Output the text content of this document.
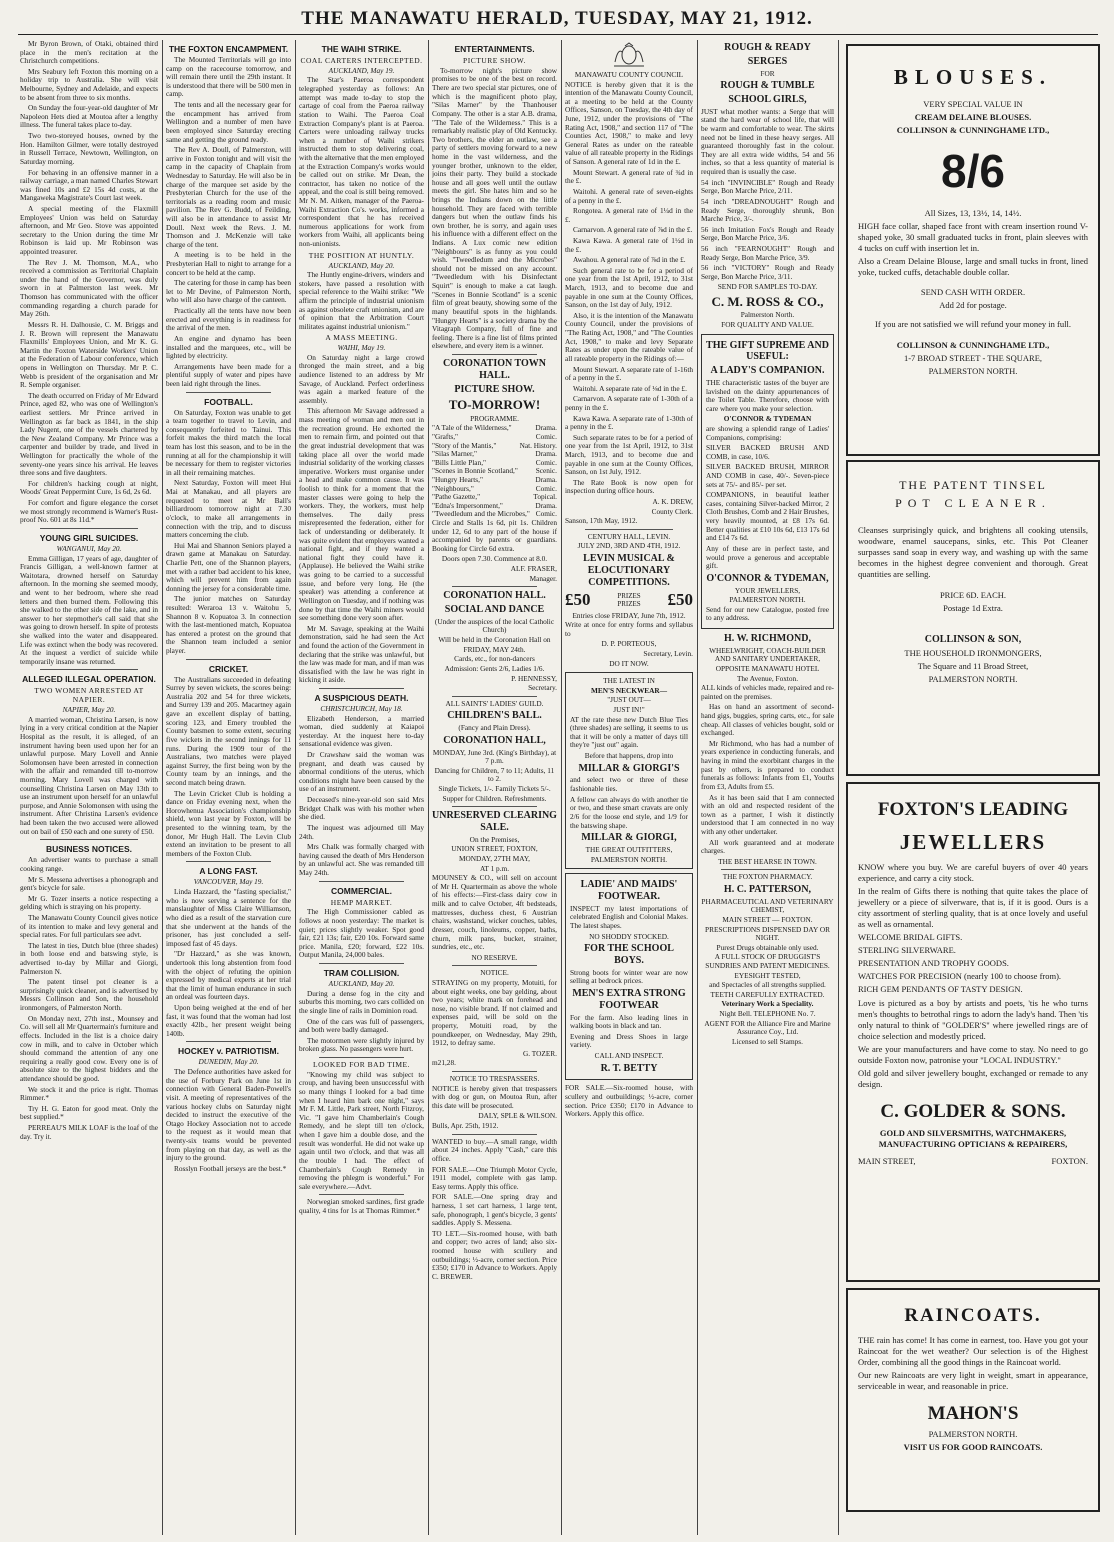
THE MANAWATU HERALD, TUESDAY, MAY 21, 1912.

Mr Byron Brown, of Otaki, obtained third place in the men's recitation at the Christchurch competitions.

Mrs Seabury left Foxton this morning on a holiday trip to Australia. She will visit Melbourne, Sydney and Adelaide, and expects to be absent from three to six months.

On Sunday the four-year-old daughter of Mr Napoleon Hets died at Moutoa after a lengthy illness. The funeral takes place to-day.

Two two-storeyed houses, owned by the Hon. Hamilton Gilmer, were totally destroyed in Russell Terrace, Newtown, Wellington, on Saturday morning.

For behaving in an offensive manner in a railway carriage, a man named Charles Stewart was fined 10s and £2 15s 4d costs, at the Mangaweka Magistrate's Court last week.

A special meeting of the Flaxmill Employees' Union was held on Saturday afternoon, and Mr Geo. Stove was appointed secretary to the Union during the time Mr Robinson is laid up. Mr Robinson was appointed treasurer.

The Rev J. M. Thomson, M.A., who received a commission as Territorial Chaplain under the hand of the Governor, was duly sworn in at Palmerston last week. Mr Thomson has communicated with the officer commanding regarding a church parade for May 26th.

Messrs R. H. Dalhousie, C. M. Briggs and J. R. Brown will represent the Manawatu Flaxmills' Employees Union, and Mr K. G. Martin the Foxton Waterside Workers' Union at the Federation of Labour conference, which opens in Wellington on Thursday. Mr P. C. Webb is president of the organisation and Mr R. Semple organiser.

The death occurred on Friday of Mr Edward Prince, aged 82, who was one of Wellington's earliest settlers. Mr Prince arrived in Wellington as far back as 1841, in the ship Lady Nugent, one of the vessels chartered by the New Zealand Company. Mr Prince was a carpenter and builder by trade, and lived in Wellington for practically the whole of the seventy-one years since his arrival. He leaves three sons and five daughters.

For children's hacking cough at night, Woods' Great Peppermint Cure, 1s 6d, 2s 6d.

For comfort and figure elegance the corset we most strongly recommend is Warner's Rust-proof No. 601 at 8s 11d.*

YOUNG GIRL SUICIDES.

WANGANUI, May 20.

Emma Gilligan, 17 years of age, daughter of Francis Gilligan, a well-known farmer at Waitotara, drowned herself on Saturday afternoon. In the morning she seemed moody, and went to her bedroom, where she read letters and then burned them. Following this she walked to the other side of the lake, and in answer to her stepmother's call said that she was going to drown herself. In spite of protests she walked into the water and disappeared. Life was extinct when the body was recovered. At the inquest a verdict of suicide while temporarily insane was returned.

ALLEGED ILLEGAL OPERATION.
TWO WOMEN ARRESTED AT NAPIER.

NAPIER, May 20.

A married woman, Christina Larsen, is now lying in a very critical condition at the Napier Hospital as the result, it is alleged, of an instrument having been used upon her for an unlawful purpose. Mary Lovell and Annie Solomonsen have been arrested in connection with the affair and remanded till to-morrow morning. Mary Lovell was charged with counselling Christina Larsen on May 13th to use an instrument upon herself for an unlawful purpose, and Annie Solomonsen with using the instrument. After Christina Larsen's evidence had been taken the two accused were allowed out on bail of £50 each and one surety of £50.

BUSINESS NOTICES.

An advertiser wants to purchase a small cooking range.

Mr S. Messena advertises a phonograph and gent's bicycle for sale.

Mr G. Tozer inserts a notice respecting a gelding which is straying on his property.

The Manawatu County Council gives notice of its intention to make and levy general and special rates. For full particulars see advt.

The latest in ties, Dutch blue (three shades) in both loose end and batswing style, is advertised to-day by Millar and Giorgi, Palmerston N.

The patent tinsel pot cleaner is a surprisingly quick cleaner, and is advertised by Messrs Collinson and Son, the household ironmongers, of Palmerston North.

On Monday next, 27th inst., Mounsey and Co. will sell all Mr Quartermain's furniture and effects. Included in the list is a choice dairy cow in milk, and to calve in October which should command the attention of any one requiring a really good cow. Every one is of absolute size to the highest bidders and the attendance should be good.

We stock it and the price is right. Thomas Rimmer.*

Try H. G. Eaton for good meat. Only the best supplied.*

PERREAU'S MILK LOAF is the loaf of the day. Try it.

THE FOXTON ENCAMPMENT.

The Mounted Territorials will go into camp on the racecourse tomorrow, and will remain there until the 29th instant. It is understood that there will be 500 men in camp.

The tents and all the necessary gear for the encampment has arrived from Wellington and a number of men have been employed since Saturday erecting same and getting the ground ready.

The Rev A. Doull, of Palmerston, will arrive in Foxton tonight and will visit the camp in the capacity of Chaplain from Wednesday to Saturday. He will also be in charge of the marquee set aside by the Presbyterian Church for the use of the territorials as a reading room and music pavilion. The Rev G. Budd, of Feilding, will also be in attendance to assist Mr Doull. Next week the Revs. J. M. Thomson and J. McKenzie will take charge of the tent.

A meeting is to be held in the Presbyterian Hall to night to arrange for a concert to be held at the camp.

The catering for those in camp has been let to Mr Devine, of Palmerston North, who will also have charge of the canteen.

Practically all the tents have now been erected and everything is in readiness for the arrival of the men.

An engine and dynamo has been installed and the marquees, etc., will be lighted by electricity.

Arrangements have been made for a plentiful supply of water and pipes have been laid right through the lines.

FOOTBALL.

On Saturday, Foxton was unable to get a team together to travel to Levin, and consequently forfeited to Tainui. This forfeit makes the third match the local team has lost this season, and to be in the running at all for the championship it will be necessary for them to register victories in all their remaining matches.

Next Saturday, Foxton will meet Hui Mai at Manakau, and all players are requested to meet at Mr Ball's billiardroom tomorrow night at 7.30 o'clock, to make all arrangements in connection with the trip, and to discuss matters concerning the club.

Hui Mai and Shannon Seniors played a drawn game at Manakau on Saturday. Charlie Pett, one of the Shannon players, met with a rather bad accident to his knee, which will prevent him from again donning the jersey for a considerable time.

The junior matches on Saturday resulted: Weraroa 13 v. Waitohu 5, Shannon 8 v. Kopuatoa 3. In connection with the last-mentioned match, Kopuatoa has entered a protest on the ground that the Shannon team included a senior player.

CRICKET.

The Australians succeeded in defeating Surrey by seven wickets, the scores being: Australia 202 and 54 for three wickets, and Surrey 139 and 205. Macartney again gave an excellent display of batting, scoring 123, and Emery troubled the County batsmen to some extent, securing five wickets in the second innings for 11 runs. During the 1909 tour of the Australians, two matches were played against Surrey, the first being won by the County team by an innings, and the second match being drawn.

The Levin Cricket Club is holding a dance on Friday evening next, when the Horowhenua Association's championship shield, won last year by Foxton, will be presented to the winning team, by the donor, Mr Hugh Hall. The Levin Club extend an invitation to be present to all members of the Foxton Club.

A LONG FAST.

VANCOUVER, May 19.

Linda Hazzard, the "fasting specialist," who is now serving a sentence for the manslaughter of Miss Claire Williamson, who died as a result of the starvation cure that she underwent at the hands of the prisoner, has just concluded a self-imposed fast of 45 days.

"Dr Hazzard," as she was known, undertook this long abstention from food with the object of refuting the opinion expressed by medical experts at her trial that the limit of human endurance in such an ordeal was fourteen days.

Upon being weighed at the end of her fast, it was found that the woman had lost exactly 42lb., her present weight being 140lb.

HOCKEY v. PATRIOTISM.

DUNEDIN, May 20.

The Defence authorities have asked for the use of Forbury Park on June 1st in connection with General Baden-Powell's visit. A meeting of representatives of the various hockey clubs on Saturday night decided to instruct the executive of the Otago Hockey Association not to accede to the request as it would mean that twenty-six teams would be prevented from playing on that day, as well as the injury to the ground.

Rosslyn Football jerseys are the best.*

THE WAIHI STRIKE.
COAL CARTERS INTERCEPTED.

AUCKLAND, May 19.

The Star's Paeroa correspondent telegraphed yesterday as follows: An attempt was made to-day to stop the cartage of coal from the Paeroa railway station to Waihi. The Paeroa Coal Extraction Company's plant is at Paeroa. Carters were unloading railway trucks when a number of Waihi strikers instructed them to stop delivering coal, with the alternative that the men employed at the Extraction Company's works would be called out on strike. Mr Dean, the contractor, has taken no notice of the appeal, and the coal is still being removed. Mr N. M. Aitken, manager of the Paeroa-Waihi Extraction Co's. works, informed a correspondent that he has received numerous applications for work from workers from Waihi, all applicants being non-unionists.

THE POSITION AT HUNTLY.

AUCKLAND, May 20.

The Huntly engine-drivers, winders and stokers, have passed a resolution with special reference to the Waihi strike: "We affirm the principle of industrial unionism as against obsolete craft unionism, and are of opinion that the Arbitration Court militates against industrial unionism."

A MASS MEETING.

WAIHI, May 19.

On Saturday night a large crowd thronged the main street, and a big audience listened to an address by Mr Savage, of Auckland. Perfect orderliness was again a marked feature of the assembly.

This afternoon Mr Savage addressed a mass meeting of woman and men out in the recreation ground. He exhorted the men to remain firm, and pointed out that the great industrial development that was taking place all over the world made industrial solidarity of the working classes imperative. Workers must organise under a head and make common cause. It was foolish to think for a moment that the master classes were going to help the workers. They, the workers, must help themselves. The daily press misrepresented the federation, either for lack of understanding or deliberately. It was quite evident that employers wanted a national fight, and if they wanted a national fight they could have it. (Applause). He believed the Waihi strike was going to be carried to a successful issue, and before very long. He (the speaker) was attending a conference at Wellington on Tuesday, and if nothing was done by that time the Waihi miners would see something done very soon after.

Mr M. Savage, speaking at the Waihi demonstration, said he had seen the Act and found the action of the Government in declaring that the strike was unlawful, but the law was made for man, and if man was dissatisfied with the law he was right in kicking it aside.

A SUSPICIOUS DEATH.

CHRISTCHURCH, May 18.

Elizabeth Henderson, a married woman, died suddenly at Kaiapoi yesterday. At the inquest here to-day sensational evidence was given.

Dr Crawshaw said the woman was pregnant, and death was caused by abnormal conditions of the uterus, which conditions might have been caused by the use of an instrument.

Deceased's nine-year-old son said Mrs Bridget Chalk was with his mother when she died.

The inquest was adjourned till May 24th.

Mrs Chalk was formally charged with having caused the death of Mrs Henderson by an unlawful act. She was remanded till May 24th.

COMMERCIAL.
HEMP MARKET.

The High Commissioner cabled as follows at noon yesterday: The market is quiet; prices slightly weaker. Spot good fair, £21 13s; fair, £20 10s. Forward same price. Manila, £20; forward, £22 10s. Output Manila, 24,000 bales.

TRAM COLLISION.

AUCKLAND, May 20.

During a dense fog in the city and suburbs this morning, two cars collided on the single line of rails in Dominion road.

One of the cars was full of passengers, and both were badly damaged.

The motormen were slightly injured by broken glass. No passengers were hurt.

LOOKED FOR BAD TIME.

"Knowing my child was subject to croup, and having been unsuccessful with so many things I looked for a bad time when I heard him bark one night," says Mr F. M. Little, Park street, North Fitzroy, Vic. "I gave him Chamberlain's Cough Remedy, and he slept till ten o'clock, when I gave him a double dose, and the result was wonderful. He did not wake up again until two o'clock, and that was all the trouble I had. The effect of Chamberlain's Cough Remedy in removing the phlegm is wonderful." For sale everywhere.—Advt.

Norwegian smoked sardines, first grade quality, 4 tins for 1s at Thomas Rimmer.*

ENTERTAINMENTS.
PICTURE SHOW.

To-morrow night's picture show promises to be one of the best on record. There are two special star pictures, one of which is the magnificent photo play, "Silas Marner" by the Thanhouser Company. The other is a star A.B. drama, "The Tale of the Wilderness." This is a remarkably realistic play of Old Kentucky. Two brothers, the elder an outlaw, see a party of settlers moving forward to a new home in the vast wilderness, and the younger brother, unknown to the elder, joins their party. They build a stockade house and all goes well until the outlaw meets the girl. She hates him and so he brings the Indians down on the little household. They are faced with terrible dangers but when the outlaw finds his own brother, he is sorry, and again uses his influence with a different effect on the Indians. A Lux comic new edition "Neighbours" is as funny as you could wish. "Tweedledum and the Microbes" should not be missed on any account. "Tweedledum with his Disinfectant Squirt" is enough to make a cat laugh. "Scenes in Bonnie Scotland" is a scenic film of great beauty, showing some of the many beautiful spots in the highlands. "Hungry Hearts" is a society drama by the Vitagraph Company, full of fine and feeling. There is a fine list of films printed elsewhere, and every item is a winner.

CORONATION TOWN HALL.

PICTURE SHOW.

TO-MORROW!

PROGRAMME.

"A Tale of the Wilderness,"	Drama.
"Grafts,"	Comic.
"Story of the Mantis,"	Nat. History.
"Silas Marner,"	Drama.
"Bills Little Plan,"	Comic.
"Scenes in Bonnie Scotland," Scenic.
"Hungry Hearts,"	Drama.
"Neighbours,"	Comic.
"Pathe Gazette,"	Topical.
"Edna's Impersonment,"	Drama.
"Tweedledum and the Microbes," Comic.

Circle and Stalls 1s 6d, pit 1s. Children under 12, 6d to any part of the house if accompanied by parents or guardians. Booking for Circle 6d extra.

Doors open 7.30. Commence at 8.0.

ALF. FRASER,

Manager.

CORONATION HALL.

SOCIAL AND DANCE

(Under the auspices of the local Catholic Church)

Will be held in the Coronation Hall on

FRIDAY, MAY 24th.

Cards, etc., for non-dancers

Admission: Gents 2/6, Ladies 1/6.

P. HENNESSY,

Secretary.

ALL SAINTS' LADIES' GUILD.

CHILDREN'S BALL.

(Fancy and Plain Dress).

CORONATION HALL,

MONDAY, June 3rd. (King's Birthday), at 7 p.m.

Dancing for Children, 7 to 11; Adults, 11 to 2.

Single Tickets, 1/-. Family Tickets 5/-.

Supper for Children. Refreshments.

UNRESERVED CLEARING SALE.

On the Premises,

UNION STREET, FOXTON,

MONDAY, 27TH MAY,

AT 1 p.m.

MOUNSEY & CO., will sell on account of Mr H. Quartermain as above the whole of his effects:—First-class dairy cow in milk and to calve October, 4ft bedsteads, mattresses, duchess chest, 6 Austrian chairs, washstand, wicker couches, tables, dresser, couch, linoleums, copper, baths, churn, milk pans, bucket, strainer, sundries, etc., etc.

NO RESERVE.

NOTICE.

STRAYING on my property, Motuiti, for about eight weeks, one bay gelding, about two years; white mark on forehead and nose, no visible brand. If not claimed and expenses paid, will be sold on the property, Motuiti road, by the poundkeeper, on Wednesday, May 29th, 1912, to defray same.

G. TOZER.

m21,28.

NOTICE TO TRESPASSERS.

NOTICE is hereby given that trespassers with dog or gun, on Moutoa Run, after this date will be prosecuted.

DALY, SPLE & WILSON.

Bulls, Apr. 25th, 1912.

WANTED to buy.—A small range, width about 24 inches. Apply "Cash," care this office.

FOR SALE.—One Triumph Motor Cycle, 1911 model, complete with gas lamp. Easy terms. Apply this office.

FOR SALE.—One spring dray and harness, 1 set cart harness, 1 large tent, safe, phonograph, 1 gent's bicycle, 3 gents' saddles. Apply S. Messena.

TO LET.—Six-roomed house, with bath and copper; two acres of land; also six-roomed house with scullery and outbuildings; ½-acre, corner section. Price £350; £170 in Advance to Workers. Apply C. BREWER.

MANAWATU COUNTY COUNCIL

NOTICE is hereby given that it is the intention of the Manawatu County Council, at a meeting to be held at the County Offices, Sanson, on Tuesday, the 4th day of June, 1912, under the provisions of "The Rating Act, 1908," and section 117 of "The Counties Act, 1908," to make and levy General Rates as under on the rateable value of all rateable property in the Ridings of Sanson. A general rate of 1d in the £.

Mount Stewart. A general rate of ¾d in the £.

Waitohi. A general rate of seven-eights of a penny in the £.

Rongotea. A general rate of 1¼d in the £.

Carnarvon. A general rate of ⅞d in the £.

Kawa Kawa. A general rate of 1½d in the £.

Awahou. A general rate of ⅞d in the £.

Such general rate to be for a period of one year from the 1st April, 1912, to 31st March, 1913, and to become due and payable in one sum at the County Offices, Sanson, on the 1st day of July, 1912.

Also, it is the intention of the Manawatu County Council, under the provisions of "The Rating Act, 1908," and "The Counties Act, 1908," to make and levy Separate Rates as under upon the rateable value of all rateable property in the Ridings of:—

Mount Stewart. A separate rate of 1-16th of a penny in the £.

Waitohi. A separate rate of ⅛d in the £.

Carnarvon. A separate rate of 1-30th of a penny in the £.

Kawa Kawa. A separate rate of 1-30th of a penny in the £.

Such separate rates to be for a period of one year from the 1st April, 1912, to 31st March, 1913, and to become due and payable in one sum at the County Offices, Sanson, on 1st July, 1912.

The Rate Book is now open for inspection during office hours.

A. K. DREW,

County Clerk.

Sanson, 17th May, 1912.

CENTURY HALL, LEVIN.

JULY 2ND, 3RD AND 4TH, 1912.

LEVIN MUSICAL & ELOCUTIONARY COMPETITIONS.

£50	PRIZES PRIZES £50

Entries close FRIDAY, June 7th, 1912.

Write at once for entry forms and syllabus to

D. P. PORTEOUS,

Secretary, Levin.

DO IT NOW.

THE LATEST IN

MEN'S NECKWEAR—

"JUST OUT—

JUST IN!"

AT the rate these new Dutch Blue Ties (three shades) are selling, it seems to us that it will be only a matter of days till they're "just out" again.

Before that happens, drop into

MILLAR & GIORGI'S

and select two or three of these fashionable ties.

A fellow can always do with another tie or two, and these smart cravats are only 2/6 for the loose end style, and 1/9 for the batswing shape.

MILLAR & GIORGI,

THE GREAT OUTFITTERS,

PALMERSTON NORTH.

LADIE' AND MAIDS' FOOTWEAR.

INSPECT my latest importations of celebrated English and Colonial Makes. The latest shapes.

NO SHODDY STOCKED.

FOR THE SCHOOL BOYS.

Strong boots for winter wear are now selling at bedrock prices.

MEN'S EXTRA STRONG FOOTWEAR

For the farm. Also leading lines in walking boots in black and tan.

Evening and Dress Shoes in large variety.

CALL AND INSPECT.

R. T. BETTY

FOR SALE.—Six-roomed house, with scullery and outbuildings; ½-acre, corner section. Price £350; £170 in Advance to Workers. Apply this office.

ROUGH & READY

SERGES

FOR

ROUGH & TUMBLE

SCHOOL GIRLS,

JUST what mother wants: a Serge that will stand the hard wear of school life, that will be warm and comfortable to wear. The skirts need not be lined in these heavy serges. All guaranteed thoroughly fast in the colour. They are all extra wide widths, 54 and 56 inches, so that a less quantity of material is required than is usually the case.

54 inch "INVINCIBLE" Rough and Ready Serge, Bon Marche Price, 2/11.

54 inch "DREADNOUGHT" Rough and Ready Serge, thoroughly shrunk, Bon Marche Price, 3/-.

56 inch Imitation Fox's Rough and Ready Serge, Bon Marche Price, 3/6.

56 inch "FEARNOUGHT" Rough and Ready Serge, Bon Marche Price, 3/9.

56 inch "VICTORY" Rough and Ready Serge, Bon Marche Price, 3/11.

SEND FOR SAMPLES TO-DAY.

C. M. ROSS & CO.,

Palmerston North.

FOR QUALITY AND VALUE.

THE GIFT SUPREME AND USEFUL:

A LADY'S COMPANION.

THE characteristic tastes of the buyer are lavished on the dainty appurtenances of the Toilet Table. Therefore, choose with care where you make your selection.

O'CONNOR & TYDEMAN

are showing a splendid range of Ladies' Companions, comprising:

SILVER BACKED BRUSH AND COMB, in case, 10/6.

SILVER BACKED BRUSH, MIRROR AND COMB in case, 40/-. Seven-piece sets at 75/- and 85/- per set.

COMPANIONS, in beautiful leather cases, containing Silver-backed Mirror, 2 Cloth Brushes, Comb and 2 Hair Brushes, very heavily mounted, at £8 17s 6d. Better qualities at £10 10s 6d, £13 17s 6d and £14 7s 6d.

Any of these are in perfect taste, and would prove a generous and acceptable gift.

O'CONNOR & TYDEMAN,

YOUR JEWELLERS,

PALMERSTON NORTH.

Send for our new Catalogue, posted free to any address.

H. W. RICHMOND,

WHEELWRIGHT, COACH-BUILDER AND SANITARY UNDERTAKER,

OPPOSITE MANAWATU HOTEL

The Avenue, Foxton.

ALL kinds of vehicles made, repaired and re-painted on the premises.

Has on hand an assortment of second-hand gigs, buggies, spring carts, etc., for sale cheap. All classes of vehicles bought, sold or exchanged.

Mr Richmond, who has had a number of years experience in conducting funerals, and having in mind the exorbitant charges in the past by others, is prepared to conduct funerals as follows: Infants from £1, Youths from £3, Adults from £5.

As it has been said that I am connected with an old and respected resident of the town as a partner, I wish it distinctly understood that I am connected in no way with any other undertaker.

All work guaranteed and at moderate charges.

THE BEST HEARSE IN TOWN.

THE FOXTON PHARMACY.

H. C. PATTERSON,

PHARMACEUTICAL AND VETERINARY CHEMIST,

MAIN STREET — FOXTON.

PRESCRIPTIONS DISPENSED DAY OR NIGHT.

Purest Drugs obtainable only used.

A FULL STOCK OF DRUGGIST'S SUNDRIES AND PATENT MEDICINES.

EYESIGHT TESTED,

and Spectacles of all strengths supplied.

TEETH CAREFULLY EXTRACTED.

Veterinary Work a Speciality.

Night Bell. TELEPHONE No. 7.

AGENT FOR the Alliance Fire and Marine Assurance Coy., Ltd.

Licensed to sell Stamps.

BLOUSES.

VERY SPECIAL VALUE IN

CREAM DELAINE BLOUSES.

COLLINSON & CUNNINGHAME LTD.,

8/6

All Sizes, 13, 13½, 14, 14½.

HIGH face collar, shaped face front with cream insertion round V-shaped yoke, 30 small graduated tucks in front, plain sleeves with 4 tucks on cuff with insertion let in.

Also a Cream Delaine Blouse, large and small tucks in front, lined yoke, tucked cuffs, detachable double collar.

SEND CASH WITH ORDER.

Add 2d for postage.

If you are not satisfied we will refund your money in full.

COLLINSON & CUNNINGHAME LTD.,

1-7 BROAD STREET - THE SQUARE,

PALMERSTON NORTH.

THE PATENT TINSEL

POT CLEANER.

Cleanses surprisingly quick, and brightens all cooking utensils, woodware, enamel saucepans, sinks, etc. This Pot Cleaner surpasses sand soap in every way, and washing up with the same becomes in the highest degree convenient and thorough. Great quantities are selling.

PRICE 6D. EACH.

Postage 1d Extra.

COLLINSON & SON,

THE HOUSEHOLD IRONMONGERS,

The Square and 11 Broad Street,

PALMERSTON NORTH.

FOXTON'S LEADING
JEWELLERS

KNOW where you buy. We are careful buyers of over 40 years experience, and carry a city stock.

In the realm of Gifts there is nothing that quite takes the place of jewellery or a piece of silverware, that is, if it is good. Ours is a city assortment of sterling quality, that is at once lovely and useful as well as ornamental.

WELCOME BRIDAL GIFTS.

STERLING SILVERWARE.

PRESENTATION AND TROPHY GOODS.

WATCHES FOR PRECISION (nearly 100 to choose from).

RICH GEM PENDANTS OF TASTY DESIGN.

Love is pictured as a boy by artists and poets, 'tis he who turns men's thoughts to betrothal rings to adorn the lady's hand. Then 'tis only natural to think of "GOLDER'S" where jewelled rings are of choice selection and modestly priced.

We are your manufacturers and have come to stay. No need to go outside Foxton now, patronise your "LOCAL INDUSTRY."

Old gold and silver jewellery bought, exchanged or remade to any design.

C. GOLDER & SONS.

GOLD AND SILVERSMITHS, WATCHMAKERS, MANUFACTURING OPTICIANS & REPAIRERS,

MAIN STREET,	FOXTON.
RAINCOATS.

THE rain has come! It has come in earnest, too. Have you got your Raincoat for the wet weather? Our selection is of the Highest Order, combining all the good things in the Raincoat world.

Our new Raincoats are very light in weight, smart in appearance, serviceable in wear, and reasonable in price.

MAHON'S

PALMERSTON NORTH.

VISIT US FOR GOOD RAINCOATS.
